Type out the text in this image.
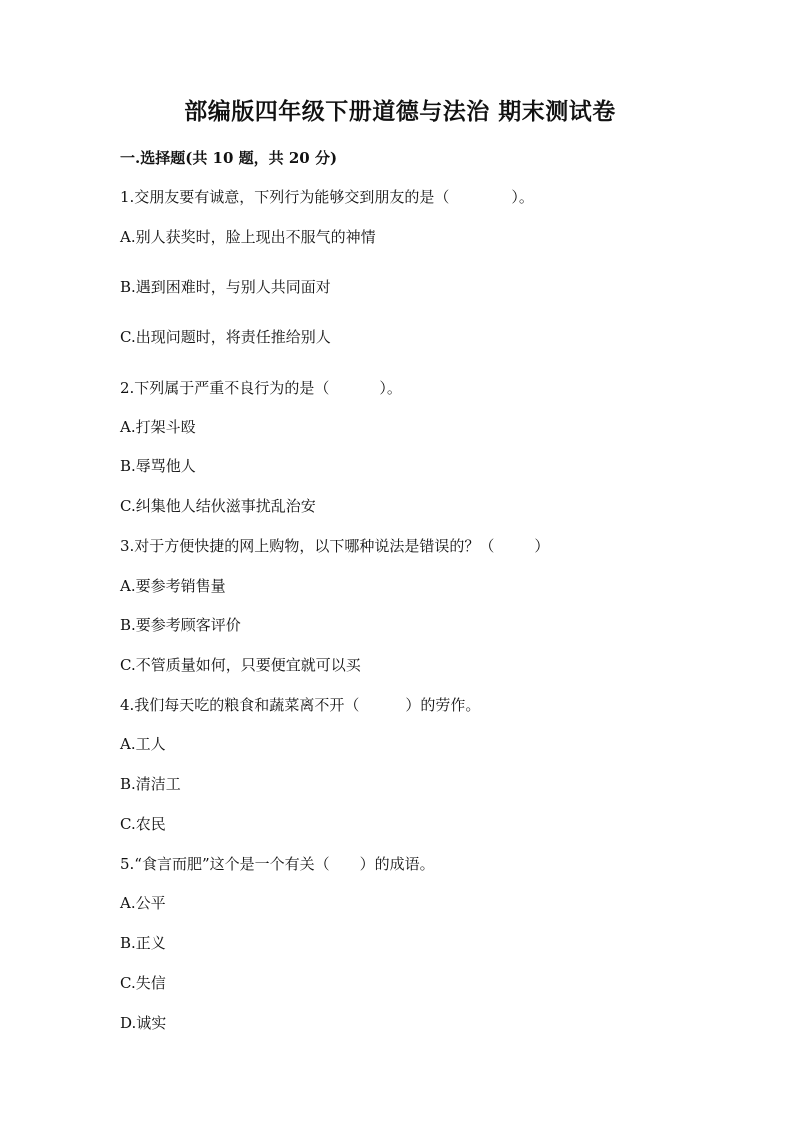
部编版四年级下册道德与法治 期末测试卷
一.选择题(共 10 题，共 20 分)
1.交朋友要有诚意，下列行为能够交到朋友的是（	）。
A.别人获奖时，脸上现出不服气的神情
B.遇到困难时，与别人共同面对
C.出现问题时，将责任推给别人
2.下列属于严重不良行为的是（	）。
A.打架斗殴
B.辱骂他人
C.纠集他人结伙滋事扰乱治安
3.对于方便快捷的网上购物，以下哪种说法是错误的？（	）
A.要参考销售量
B.要参考顾客评价
C.不管质量如何，只要便宜就可以买
4.我们每天吃的粮食和蔬菜离不开（	）的劳作。
A.工人
B.清洁工
C.农民
5.“食言而肥”这个是一个有关（ ）的成语。
A.公平
B.正义
C.失信
D.诚实
